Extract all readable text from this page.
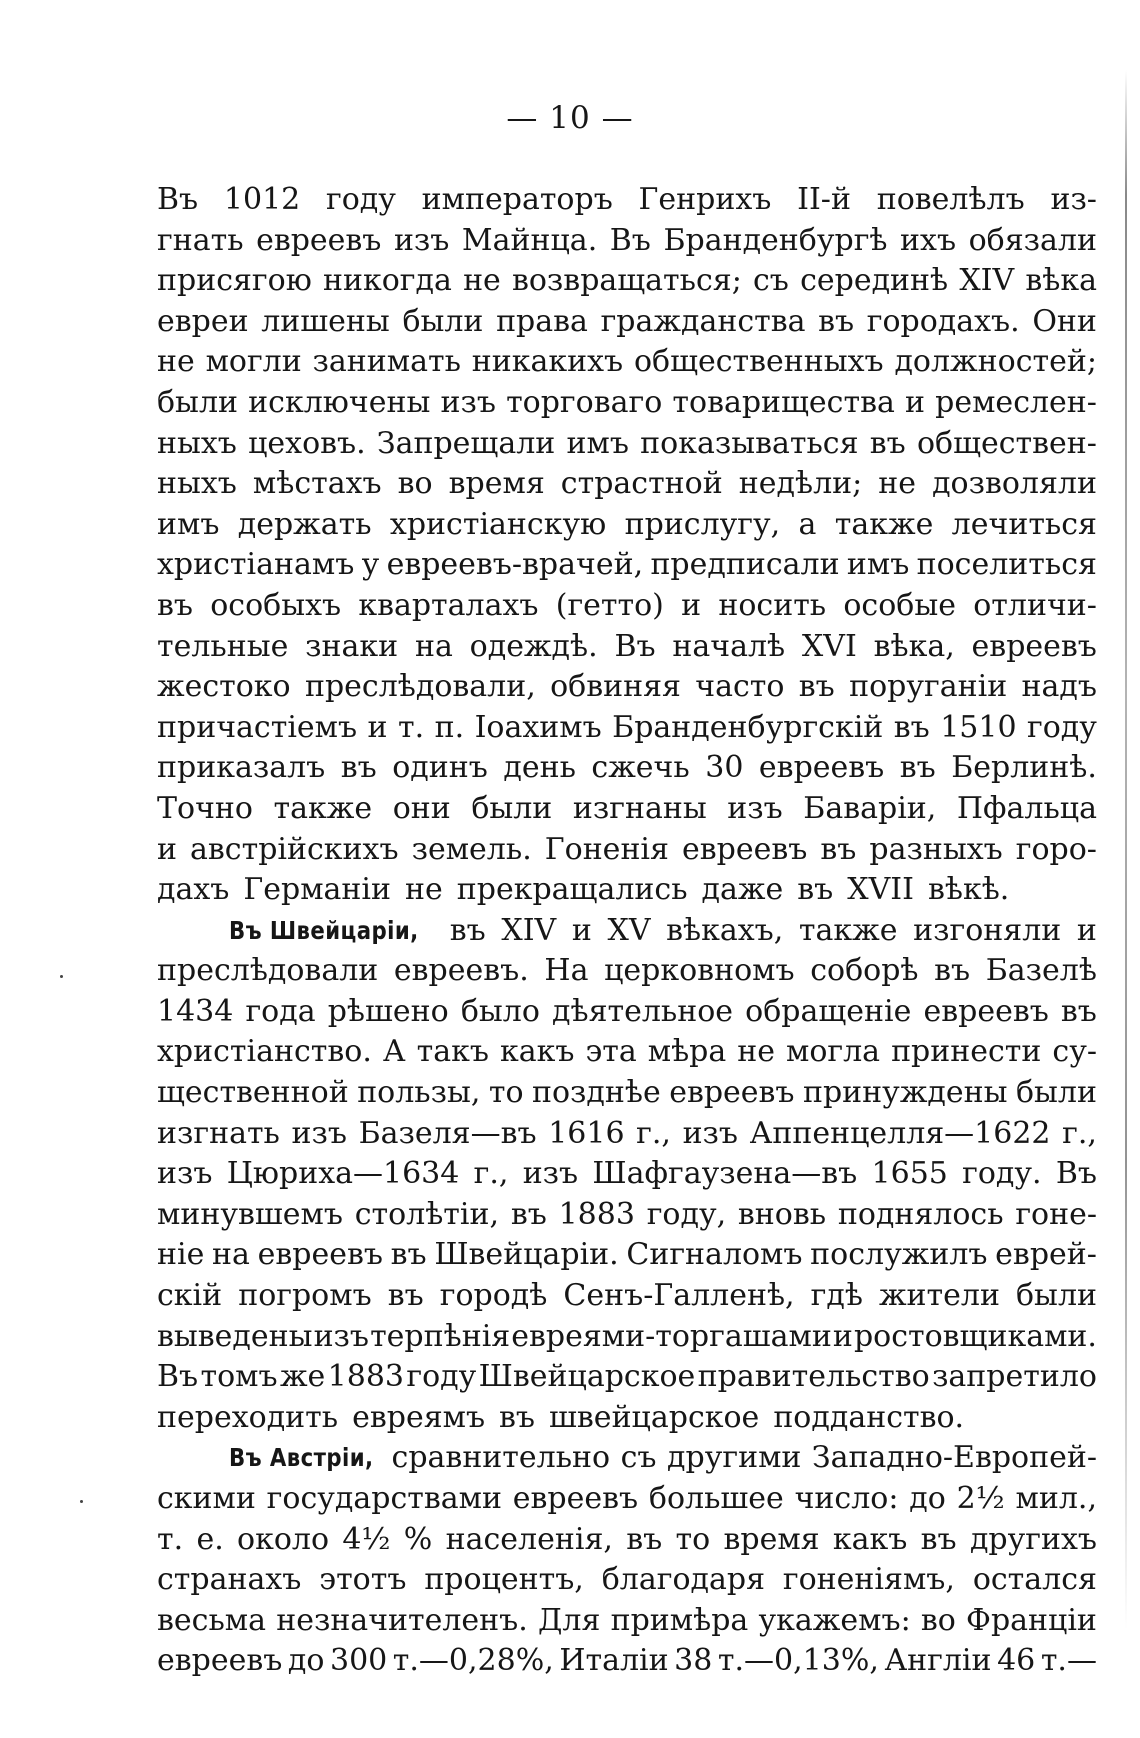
— 10 —
Въ 1012 году императоръ Генрихъ II-й повелѣлъ из-
гнать евреевъ изъ Майнца. Въ Бранденбургѣ ихъ обязали
присягою никогда не возвращаться; съ серединѣ XIV вѣка
евреи лишены были права гражданства въ городахъ. Они
не могли занимать никакихъ общественныхъ должностей;
были исключены изъ торговаго товарищества и ремеслен-
ныхъ цеховъ. Запрещали имъ показываться въ обществен-
ныхъ мѣстахъ во время страстной недѣли; не дозволяли
имъ держать христіанскую прислугу, а также лечиться
христіанамъ у евреевъ-врачей, предписали имъ поселиться
въ особыхъ кварталахъ (гетто) и носить особые отличи-
тельные знаки на одеждѣ. Въ началѣ XVI вѣка, евреевъ
жестоко преслѣдовали, обвиняя часто въ поруганіи надъ
причастіемъ и т. п. Іоахимъ Бранденбургскій въ 1510 году
приказалъ въ одинъ день сжечь 30 евреевъ въ Берлинѣ.
Точно также они были изгнаны изъ Баваріи, Пфальца
и австрійскихъ земель. Гоненія евреевъ въ разныхъ горо-
дахъ Германіи не прекращались даже въ XVII вѣкѣ.
Въ Швейцаріи, въ XIV и XV вѣкахъ, также изгоняли и
преслѣдовали евреевъ. На церковномъ соборѣ въ Базелѣ
1434 года рѣшено было дѣятельное обращеніе евреевъ въ
христіанство. А такъ какъ эта мѣра не могла принести су-
щественной пользы, то позднѣе евреевъ принуждены были
изгнать изъ Базеля—въ 1616 г., изъ Аппенцелля—1622 г.,
изъ Цюриха—1634 г., изъ Шафгаузена—въ 1655 году. Въ
минувшемъ столѣтіи, въ 1883 году, вновь поднялось гоне-
ніе на евреевъ въ Швейцаріи. Сигналомъ послужилъ еврей-
скій погромъ въ городѣ Сенъ-Галленѣ, гдѣ жители были
выведены изъ терпѣнія евреями-торгашами и ростовщиками.
Въ томъ же 1883 году Швейцарское правительство запретило
переходить евреямъ въ швейцарское подданство.
Въ Австріи, сравнительно съ другими Западно-Европей-
скими государствами евреевъ большее число: до 2½ мил.,
т. е. около 4½ % населенія, въ то время какъ въ другихъ
странахъ этотъ процентъ, благодаря гоненіямъ, остался
весьма незначителенъ. Для примѣра укажемъ: во Франціи
евреевъ до 300 т.—0,28%, Италіи 38 т.—0,13%, Англіи 46 т.—
